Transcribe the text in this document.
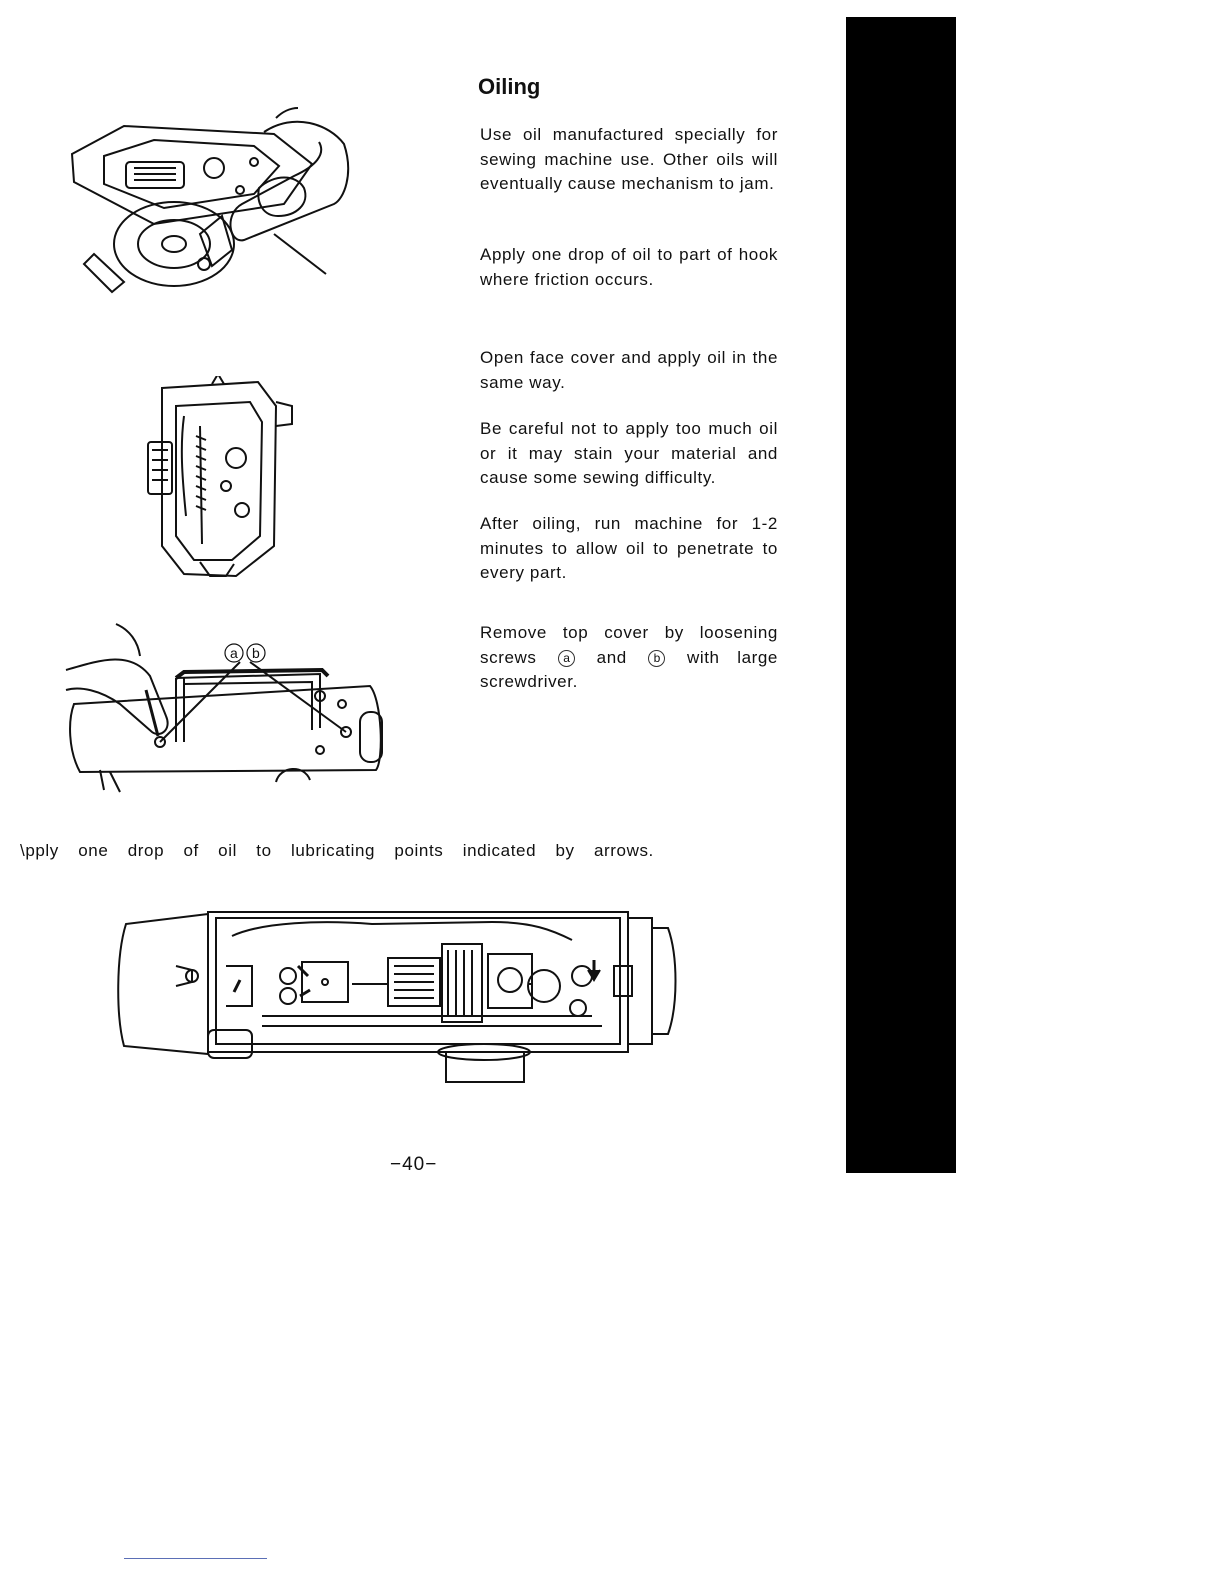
a b
Oiling

Use oil manufactured specially for sewing machine use. Other oils will eventually cause mechanism to jam.

Apply one drop of oil to part of hook where friction occurs.

Open face cover and apply oil in the same way.

Be careful not to apply too much oil or it may stain your material and cause some sewing difficulty.

After oiling, run machine for 1-2 minutes to allow oil to penetrate to every part.

Remove top cover by loosening screws a and b with large screwdriver.

\pply one drop of oil to lubricating points indicated by arrows.

−40−
